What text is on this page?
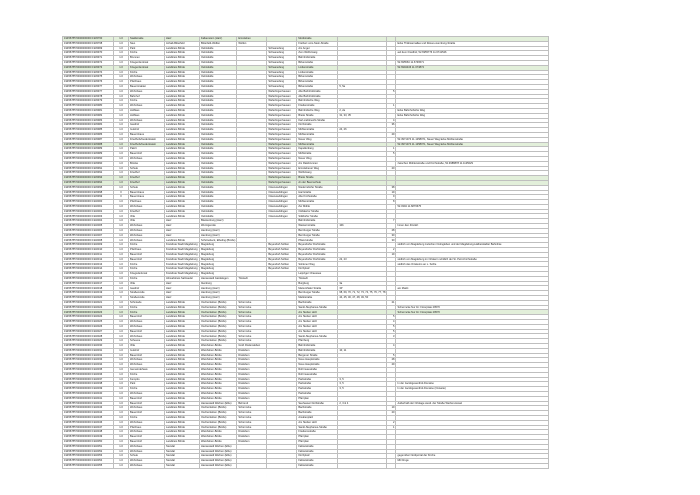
1945578570000000000 1945760	1.0	Stadtstraße	Harz	Falkenstein (Harz)	Ermsleben		Mordstraße			
1945578570000000000 1945768	1.0	Sieo	Anhalt-Bitterfeld	Bitterfeld-Wolfen	Wolfen		Freiherr-vom-Stein-Straße			Ecke Thälmannallee und Rosa-Luxemburg-Straße
1945578570000000000 1945969	1.0	Park	Landkreis Börde	Oebisfelde		Schwanefeng	Am Anger			
1945578570000000000 1945970	1.0	Kirche	Landkreis Börde	Oebisfelde		Schwanefeng	Zum Wolfszweig			auf dem Friedhof, 52.6955776 11.6741526
1945578570000000000 1945971	1.0	Brunnen	Landkreis Börde	Oebisfelde		Schwanefeng	Bahnhofstraße			
1945578570000000000 1945972	1.0	Kriegerdenkmal	Landkreis Börde	Oebisfelde		Schwanefeng	Birkenstraße			52.695563 11.6736571
1945578570000000000 1945973	1.0	Kriegerdenkmal	Landkreis Börde	Oebisfelde		Schwanefeng	Lindenstraße			52.6994436 11.673874
1945578570000000000 1945974	1.0	Kirche	Landkreis Börde	Oebisfelde		Schwanefeng	Lindenstraße			
1945578570000000000 1945975	1.0	Wohnhaus	Landkreis Börde	Oebisfelde		Schwanefeng	Birkenstraße			
1945578570000000000 1945976	1.0	Pfarrhaus	Landkreis Börde	Oebisfelde		Schwanefeng	Birkenstraße			
1945578570000000000 1945977	1.0	Bauerntraktat	Landkreis Börde	Oebisfelde		Schwanefeng	Birkenstraße	5, 5a		
1945578570000000000 1945977	1.0	Wohnhaus	Landkreis Börde	Oebisfelde		Weferlingenhausen	Alte Bahnhofstraße		5	
1945578570000000000 1945978	1.0	Bahnhof	Landkreis Börde	Oebisfelde		Weferlingenhausen	Alte Bahnhofstraße			
1945578570000000000 1945979	1.0	Kirche	Landkreis Börde	Oebisfelde		Weferlingenhausen	Bahnhofsche Weg			
1945578570000000000 1945980	1.0	Wohnhaus	Landkreis Börde	Oebisfelde		Weferlingenhausen	Friedenstraße		1	
1945578570000000000 1945981	1.0	Hofflaus	Landkreis Börde	Oebisfelde		Weferlingenhausen	Bahnhofsche Weg	2, 2a		Ecke Bahnhofsche Weg
1945578570000000000 1945982	1.0	Hofflaus	Landkreis Börde	Oebisfelde		Weferlingenhausen	Breite Straße	31, 33, 35		Ecke Bahnhofsche Weg
1945578570000000000 1945983	1.0	Wohnhaus	Landkreis Börde	Oebisfelde		Weferlingenhausen	Karl-Liebknecht-Straße		4	
1945578570000000000 1945984	1.0	Gasthof	Landkreis Börde	Oebisfelde		Weferlingenhausen	Kirchstraße		36	
1945578570000000000 1945985	1.0	Gutshof	Landkreis Börde	Oebisfelde		Weferlingenhausen	Mühlenstraße	24, 26		
1945578570000000000 1945986	1.0	Bauernhaus	Landkreis Börde	Oebisfelde		Weferlingenhausen	Mühlenstraße		29	
1945578570000000000 1945987	1.0	Friedhofs/Gedenkstein	Landkreis Börde	Oebisfelde		Weferlingenhausen	Neuer Weg			52.3971374 11.1258071, Neuer Weg Ecke Mühlenstraße
1945578570000000000 1945988	1.0	Friedhofs/Gedenkstein	Landkreis Börde	Oebisfelde		Weferlingenhausen	Mühlenstraße			52.3971374 11.1258071, Neuer Weg Ecke Mühlenstraße
1945578570000000000 1945989	1.0	Pakrit	Landkreis Börde	Oebisfelde		Weferlingenhausen	Kapellenberg		1	
1945578570000000000 1945989	1.0	Bauernhof	Landkreis Börde	Oebisfelde		Weferlingenhausen	Mühlstraße		5	
1945578570000000000 1945990	1.0	Wohnhaus	Landkreis Börde	Oebisfelde		Weferlingenhausen	Neuer Weg			
1945578570000000000 1945990	1.0	Brücke	Landkreis Börde	Oebisfelde		Weferlingenhausen	Am Ratsbrunnen			zwischen Mühlenstraße und Kirchstraße, 52.3988878 11.1125029
1945578570000000000 1945991	1.0	Schule	Landkreis Börde	Oebisfelde		Weferlingenhausen	Ermslebener Weg		20	
1945578570000000000 1945992	1.0	Friedhof	Landkreis Börde	Oebisfelde		Weferlingenhausen	Wolfszweig			
1945578570000000000 1945993	1.0	Friedhof	Landkreis Börde	Oebisfelde		Weferlingenhausen	Breite Straße			
1945578570000000000 1945994	1.0	Friedhof	Landkreis Börde	Oebisfelde		Weferlingenhausen	An der Baumschule			
1945578570000000000 1945995	1.0	Schule	Landkreis Börde	Oebisfelde		Ostenweddingen	Niederndorfer Straße		38	
1945578570000000000 1945998	II	Bauernhaus	Landkreis Börde	Oebisfelde		Ostenweddingen	Harzstraße		19	
1945578570000000000 1945999	II	Bauernhaus	Landkreis Börde	Oebisfelde		Ostenweddingen	Alte Kirchstraße		9	
1945578570000000000 1946000	1.0	Pfarrhaus	Landkreis Börde	Oebisfelde		Ostenweddingen	Mühlenstraße		8	
1945578570000000000 1946001	1.0	Wohnhaus	Landkreis Börde	Oebisfelde		Ostenweddingen	Zur Mühle			52.0394 11.6876675
1945578570000000000 1946002	1.0	Friedhof	Landkreis Börde	Oebisfelde		Ostenweddingen	Ostfalertor Straße			
1945578570000000000 1946003	1.0	Villa	Landkreis Börde	Oebisfelde		Ostenweddingen	Sülldorfer Straße			
1945578570000000000 1946004	1.0	Villa	Harz	Blankenburg (Harz)			Bahnhofstraße		7	
1945578570000000000 1946005	1.0	Wohnhaus	Harz	Wernigerode			Westernstraße	10b		Innen den Zinnkirt
1945578570000000000 1946006	1.0	Wohnhaus	Harz	Hamburg (Harz)			Bernburger Straße		28	
1945578570000000000 1946007	1.0	Wohnhaus	Harz	Hamburg (Harz)			Bernburger Straße		30	
1945578570000000000 1946008	1.0	Wohnhaus	Landkreis Börde	Schönebeck, Elbeling (Börde)			Pflanzstraße		30	
1945578570000000000 1946009	1.0	Kirche	Kreisfreie Stadt Magdeburg	Magdeburg		Beyendorf-Sohlen	Beyendorfer Dorfstraße			südlich von Magdeburg zwischen Ostingleben und der Magdeburg-Halberstädter Bahnlinie
1945578570000000000 1946010	1.0	Pfarrhaus	Kreisfreie Stadt Magdeburg	Magdeburg		Beyendorf-Sohlen	Beyendorfer Dorfstraße		2	
1945578570000000000 1946011	1.0	Bauernhof	Kreisfreie Stadt Magdeburg	Magdeburg		Beyendorf-Sohlen	Beyendorfer Dorfstraße		19	
1945578570000000000 1946012	1.0	Bauernhof	Kreisfreie Stadt Magdeburg	Magdeburg		Beyendorf-Sohlen	Beyendorfer Dorfstraße	22, 23		südlich von Magdeburg im Ortskern nördlich der St. Petri-Kirchstraße
1945578570000000000 1946013	1.0	Kirche	Kreisfreie Stadt Magdeburg	Magdeburg		Beyendorf-Sohlen	Sohlener Weg			südlich des Ortskerns an L. Sohle
1945578570000000000 1946014	1.0	Kirche	Kreisfreie Stadt Magdeburg	Magdeburg		Beyendorf-Sohlen	Kirchplatz			
1945578570000000000 1946015	1.0	Kriegsdenkmal	Kreisfreie Stadt Magdeburg	Magdeburg			Leipziger Chaussee			
1945578570000000000 1946016	1.0	Kirche	Altmarkkreis Salzwedel	Hansestadt Gardelegen	Trüstedt		Trüstedt			
1945578570000000000 1946017	1.0	Villa	Harz	Ilsenburg			Burgberg	3a		
1945578570000000000 1946018	1.0	Gasthof	Harz	Hamburg (Harz)			Marienthäler Straße	3P		am Markt
1945578570000000000 1946019	1.0	Straßenzeile	Harz	Hamburg (Harz)			Bernburger Straße	68, 69, 70, 71, 72, 73, 74, 75, 76, 77, 78		
1945578570000000000 1946020	II	Straßenzeile	Harz	Hamburg (Harz)			Marktstraße	44, 45, 46, 47, 48, 49, 50		
1945578570000000000 1946021	1.0	Schmiede	Landkreis Börde	Oschersleben (Börde)	Schermcke		Bachstraße		21	
1945578570000000000 1946022	1.0	Kirche	Landkreis Börde	Oschersleben (Börde)	Schermcke		Sankt-Stephanus-Straße			Schermcke Nur 1b: Floorplate 29570
1945578570000000000 1946023	1.0	Kirche	Landkreis Börde	Oschersleben (Börde)	Schermcke		Am Sieben Holz			Schermcke Nur 1b: Floorplate 29570
1945578570000000000 1946024	1.0	Bauernhof	Landkreis Börde	Oschersleben (Börde)	Schermcke		Am Sieben Holz		5	
1945578570000000000 1946025	1.0	Wohnhaus	Landkreis Börde	Oschersleben (Börde)	Schermcke		Am Sieben Holz		4	
1945578570000000000 1946026	1.0	Wohnhaus	Landkreis Börde	Oschersleben (Börde)	Schermcke		Am Sieben Holz		5	
1945578570000000000 1946027	1.0	Bauernhof	Landkreis Börde	Oschersleben (Börde)	Schermcke		Am Sieben Holz		5	
1945578570000000000 1946028	1.0	Wohnhaus	Landkreis Börde	Oschersleben (Börde)	Schermcke		Sankt-Stephanus-Straße		3	
1945578570000000000 1946029	1.0	Scheune	Landkreis Börde	Oschersleben (Börde)	Schermcke		Pfarrberg			
1945578570000000000 1946030	1.0	Villa	Landkreis Börde	Wanzleben-Börde	Groß Rodensleben		Bahnhofstraße		4	
1945578570000000000 1946031	1.0	Gutshof	Landkreis Börde	Wanzleben-Börde	Dreileben		Bahnhofstraße	10, 11		
1945578570000000000 1946032	1.0	Bauernhof	Landkreis Börde	Wanzleben-Börde	Dreileben		Bergener Straße		5	
1945578570000000000 1946033	1.0	Wohnhaus	Landkreis Börde	Wanzleben-Börde	Dreileben		Neue Hauptstraße		28	
1945578570000000000 1946034	1.0	Wohnhaus	Landkreis Börde	Wanzleben-Börde	Dreileben		Neue Hauptstraße		29	
1945578570000000000 1946035	1.0	Gemeindehaus	Landkreis Börde	Wanzleben-Börde	Dreileben		Rohrnseestraße			
1945578570000000000 1946036	1.0	Kirche	Landkreis Börde	Wanzleben-Börde	Dreileben		Rohrnseestraße			
1945578570000000000 1946037	1.0	Kemptio	Landkreis Börde	Wanzleben-Börde	Dreileben		Parkstraße	3, 5		
1945578570000000000 1946038	1.0	Park	Landkreis Börde	Wanzleben-Börde	Dreileben		Parkstraße	3, 5		In der Jacobgesenthof-Domäne
1945578570000000000 1946039	1.0	Kirche	Landkreis Börde	Wanzleben-Börde	Dreileben		Parkstraße	3, 5		In der Jacobgesenthof-Domäne (Ostseite)
1945578570000000000 1946040	1.0	Wohnhaus	Landkreis Börde	Wanzleben-Börde	Dreileben		Parkstraße			
1945578570000000000 1946041	1.0	Bauernhof	Landkreis Börde	Wanzleben-Börde	Dreileben		Pfarrplan			
1945578570000000000 1946042	1.0	Bauernhof	Landkreis Börde	Hansestadt Werben (Elbe)	Behrend		Seehauser Dorfstraße	2, 3 & 4		Außerhalb der Ortslage westl. der Straße Werben-Havel
1945578570000000000 1946043	1.0	Wohnhaus	Landkreis Börde	Oschersleben (Börde)	Schermcke		Bachstraße		19	
1945578570000000000 1946044	1.0	Bauernhof	Landkreis Börde	Oschersleben (Börde)	Schermcke		Bachstraße		20	
1945578570000000000 1946045	1.0	Kirche	Landkreis Börde	Oschersleben (Börde)	Schermcke		Amalienplatz			
1945578570000000000 1946046	1.0	Wohnhaus	Landkreis Börde	Oschersleben (Börde)	Schermcke		Am Sieben Holz		2	
1945578570000000000 1946047	1.0	Pfarrhaus	Landkreis Börde	Oschersleben (Börde)	Schermcke		Sankt-Stephanus-Straße		1	
1945578570000000000 1946048	1.0	Wohnhaus	Landkreis Börde	Wanzleben-Börde	Dreileben		Friedensstraße			
1945578570000000000 1946049	1.0	Bauernhof	Landkreis Börde	Wanzleben-Börde	Dreileben		Pfarrplan			
1945578570000000000 1946050	1.0	Bauernhof	Landkreis Börde	Wanzleben-Börde	Dreileben		Pfarrplan			
1945578570000000000 1946051	1.0	Wohnhaus	Stendal	Hansestadt Werben (Elbe)			Fabianstraße			
1945578570000000000 1946052	1.0	Wohnhaus	Stendal	Hansestadt Werben (Elbe)			Fabianstraße			
1945578570000000000 1946053	1.0	Schule	Stendal	Hansestadt Werben (Elbe)			Kirchplatz			gegenüber Nordportal der Kirche
1945578570000000000 1946054	1.0	Wohnhaus	Stendal	Hansestadt Werben (Elbe)			Fabianstraße			Mit Druge
1945578570000000000 1946055	1.0	Wohnhaus	Stendal	Hansestadt Werben (Elbe)			Fabianstraße			
